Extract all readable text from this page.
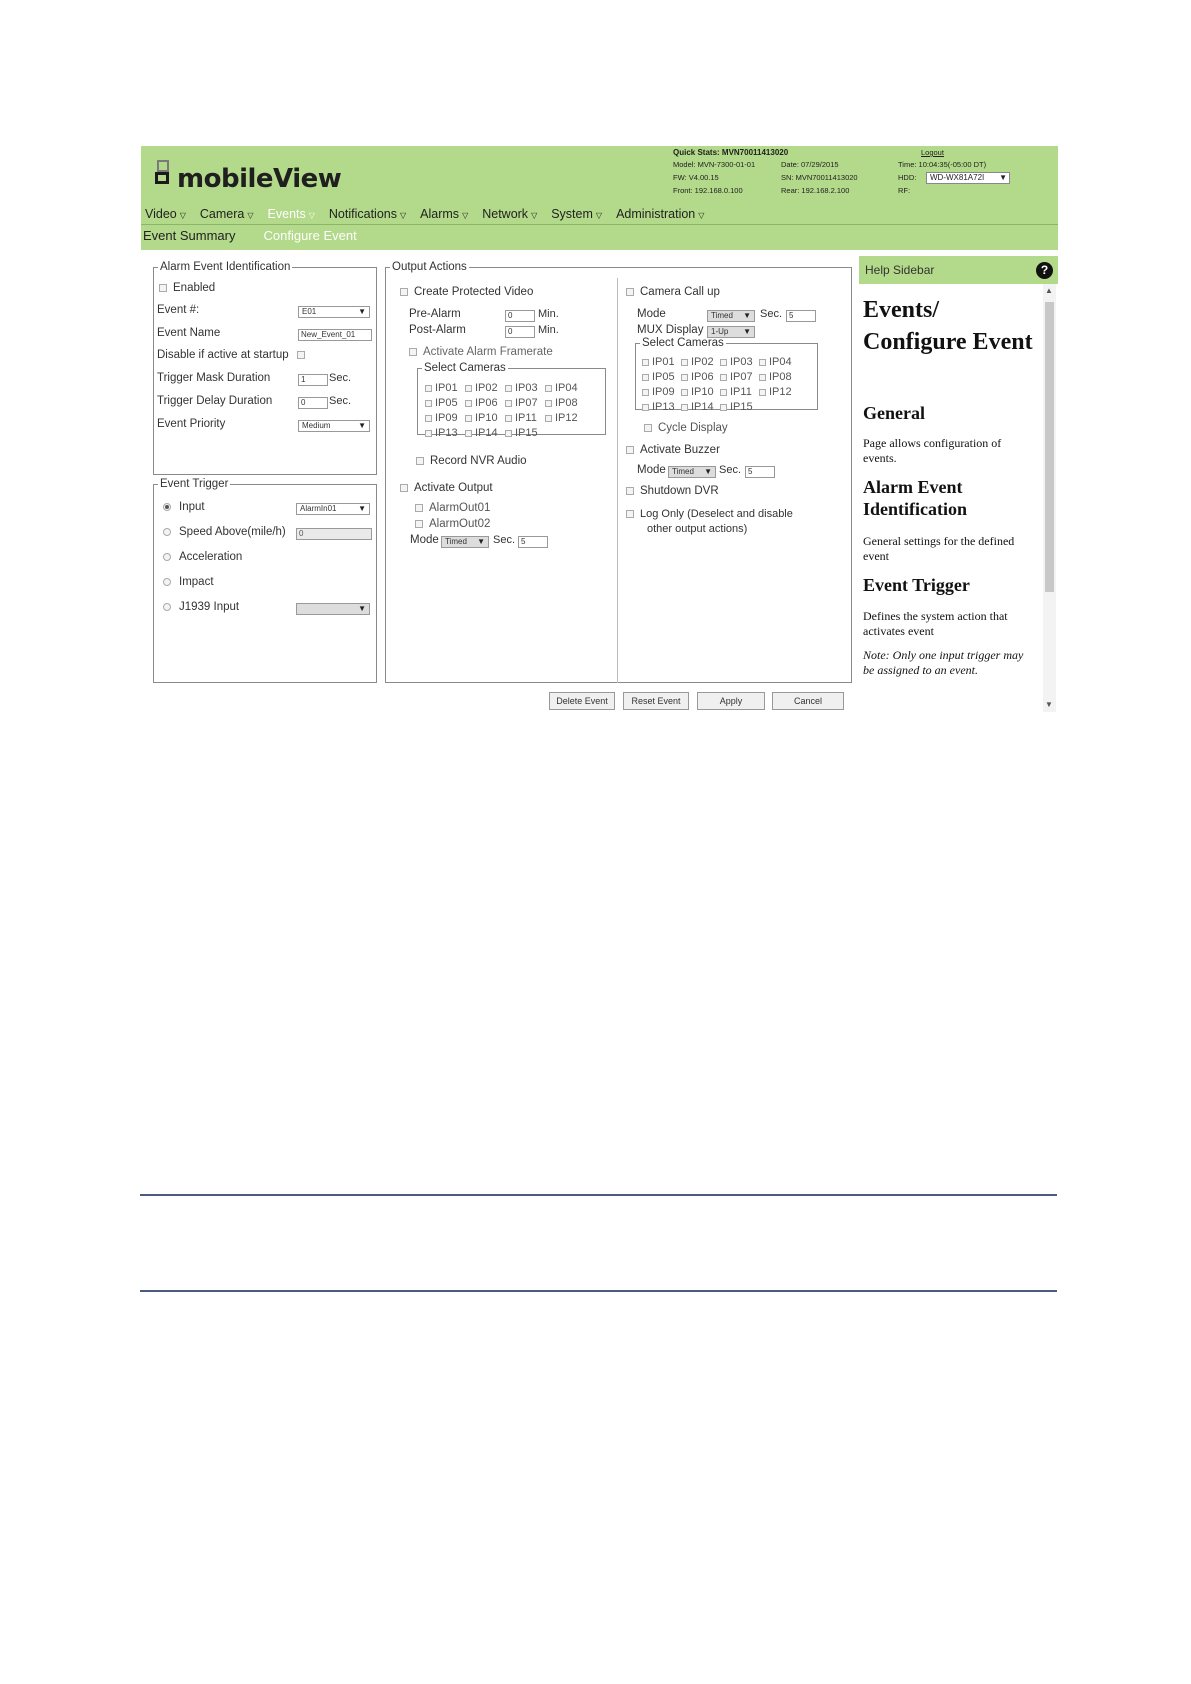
mobileView
Quick Stats: MVN70011413020	Logout
Model: MVN-7300-01-01	Date: 07/29/2015	Time: 10:04:35(-05:00 DT)
FW: V4.00.15	SN: MVN70011413020	HDD:	WD-WX81A72I ▼
Front: 192.168.0.100	Rear: 192.168.2.100	RF:
Video ▽ Camera ▽ Events ▽ Notifications ▽ Alarms ▽ Network ▽ System ▽ Administration ▽
Event Summary Configure Event
Alarm Event Identification
Enabled
Event #:	E01	▼
Event Name	New_Event_01
Disable if active at startup
Trigger Mask Duration	1	Sec.
Trigger Delay Duration	0	Sec.
Event Priority	Medium	▼
Event Trigger
Input	AlarmIn01	▼
Speed Above(mile/h)	0
Acceleration
Impact
J1939 Input	▼
Output Actions
Create Protected Video
Pre-Alarm	0	Min.
Post-Alarm	0	Min.
Activate Alarm Framerate
Select Cameras
IP01	IP02	IP03	IP04
IP05	IP06	IP07	IP08
IP09	IP10	IP11	IP12
IP13	IP14	IP15
Record NVR Audio
Activate Output
AlarmOut01
AlarmOut02
Mode Timed ▼ Sec. 5
Camera Call up
Mode	Timed ▼ Sec. 5
MUX Display 1-Up ▼
Select Cameras
IP01	IP02	IP03	IP04
IP05	IP06	IP07	IP08
IP09	IP10	IP11	IP12
IP13	IP14	IP15
Cycle Display
Activate Buzzer
Mode Timed ▼ Sec. 5
Shutdown DVR
Log Only (Deselect and disable
other output actions)
Delete Event	Reset Event	Apply	Cancel
Help Sidebar	?
Events/ Configure Event
General
Page allows configuration of events.
Alarm Event Identification
General settings for the defined event
Event Trigger
Defines the system action that activates event
Note: Only one input trigger may be assigned to an event.
▲
▼
